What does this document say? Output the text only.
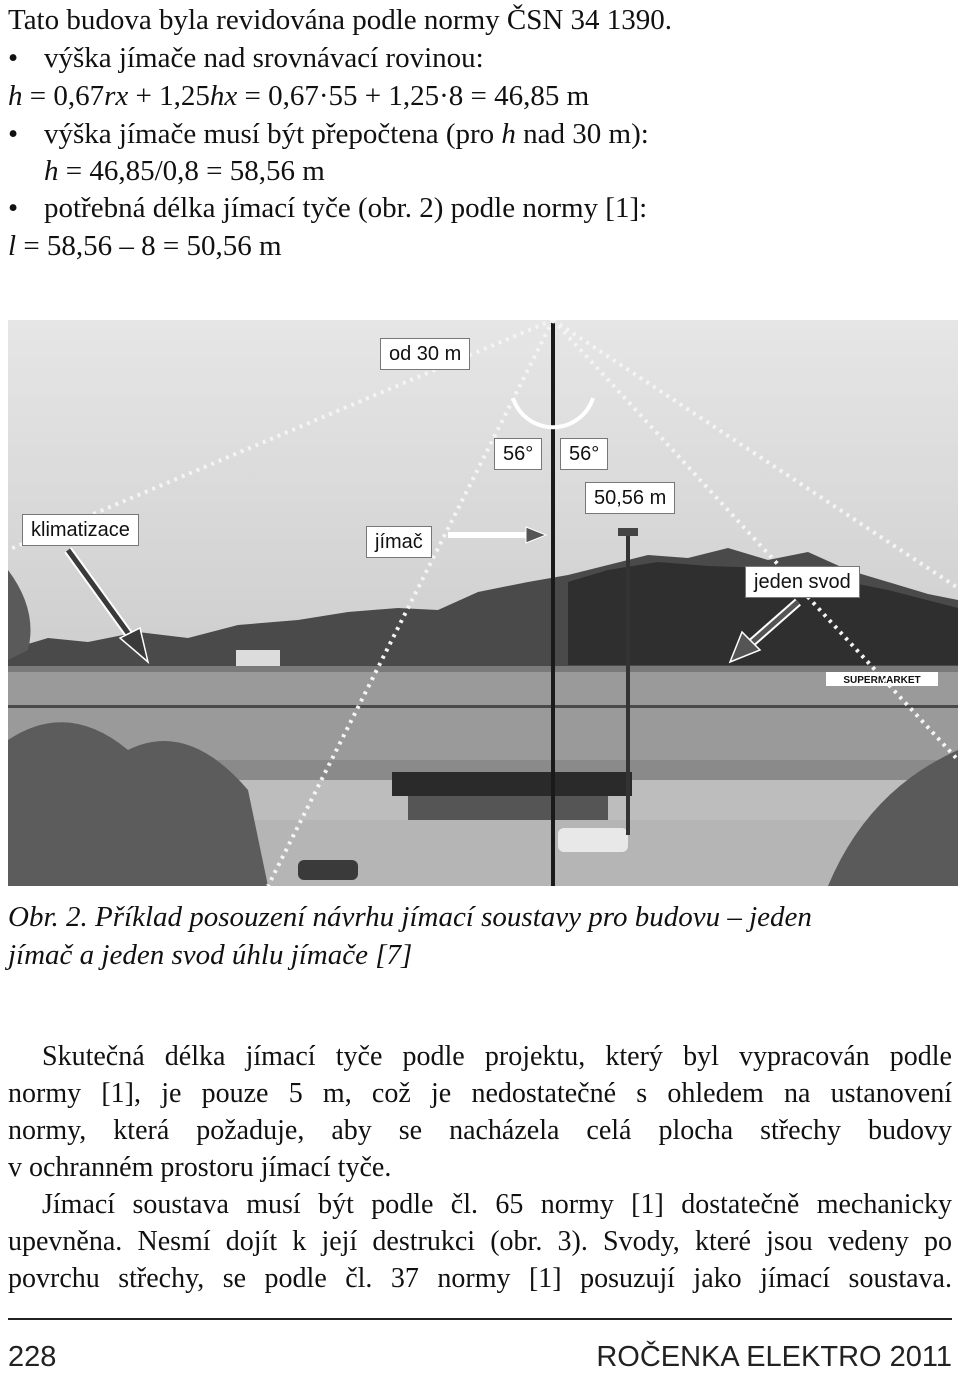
Tato budova byla revidována podle normy ČSN 34 1390.
• výška jímače nad srovnávací rovinou:
h = 0,67rx + 1,25hx = 0,67·55 + 1,25·8 = 46,85 m
• výška jímače musí být přepočtena (pro h nad 30 m):
h = 46,85/0,8 = 58,56 m
• potřebná délka jímací tyče (obr. 2) podle normy [1]:
l = 58,56 – 8 = 50,56 m
SUPERMARKET
od 30 m
56°	56°
50,56 m
klimatizace
jímač
jeden svod
Obr. 2. Příklad posouzení návrhu jímací soustavy pro budovu – jeden
jímač a jeden svod úhlu jímače [7]
Skutečná délka jímací tyče podle projektu, který byl vypracován podle
normy [1], je pouze 5 m, což je nedostatečné s ohledem na ustanovení
normy, která požaduje, aby se nacházela celá plocha střechy budovy
v ochranném prostoru jímací tyče.
Jímací soustava musí být podle čl. 65 normy [1] dostatečně mechanicky
upevněna. Nesmí dojít k její destrukci (obr. 3). Svody, které jsou vedeny po
povrchu střechy, se podle čl. 37 normy [1] posuzují jako jímací soustava.
228	ROČENKA ELEKTRO 2011
